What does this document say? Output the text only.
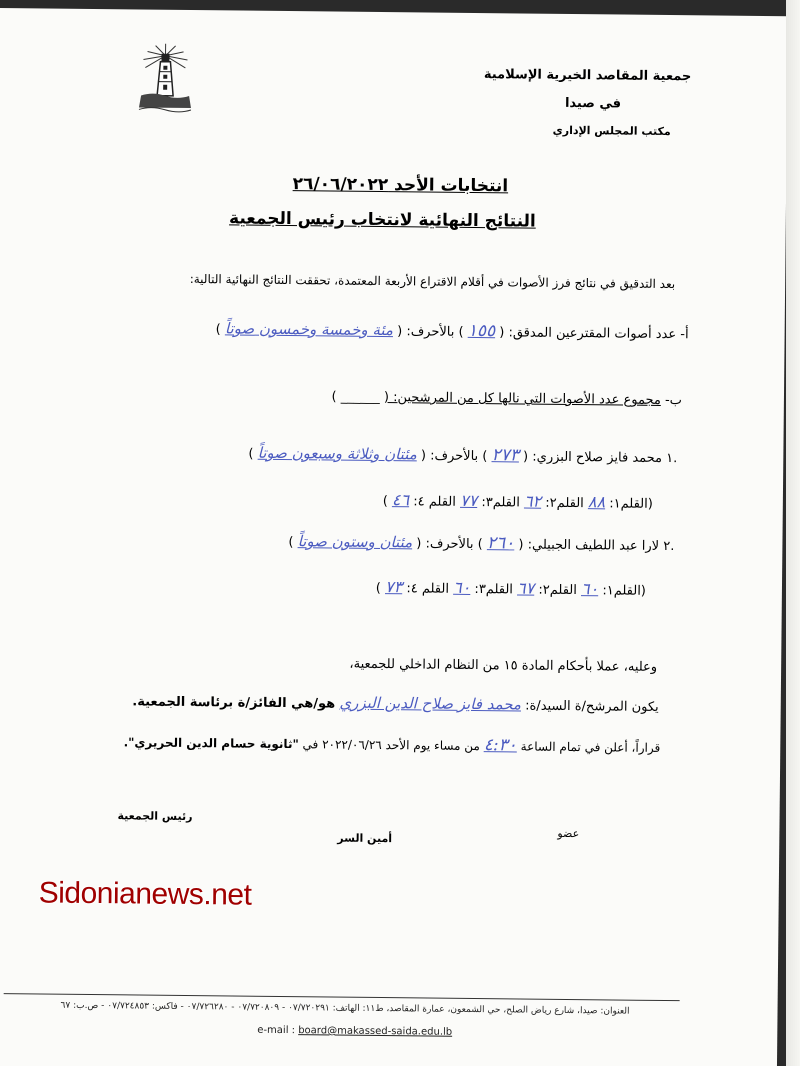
جمعية المقاصد الخيرية الإسلامية
في صيدا
مكتب المجلس الإداري
انتخابات الأحد ٢٦/٠٦/٢٠٢٢
النتائج النهائية لانتخاب رئيس الجمعية
بعد التدقيق في نتائج فرز الأصوات في أقلام الاقتراع الأربعة المعتمدة، تحققت النتائج النهائية التالية:
أ- عدد أصوات المقترعين المدقق: ( ١٥٥ ) بالأحرف: ( مئة وخمسة وخمسون صوتاً )
ب- مجموع عدد الأصوات التي نالها كل من المرشحين: ( ______ )
.١ محمد فايز صلاح البزري: ( ٢٧٣ ) بالأحرف: ( مئتان وثلاثة وسبعون صوتاً )
(القلم١: ٨٨ القلم٢: ٦٢ القلم٣: ٧٧ القلم ٤: ٤٦ )
.٢ لارا عبد اللطيف الجبيلي: ( ٢٦٠ ) بالأحرف: ( مئتان وستون صوتاً )
(القلم١: ٦٠ القلم٢: ٦٧ القلم٣: ٦٠ القلم ٤: ٧٣ )
وعليه، عملا بأحكام المادة ١٥ من النظام الداخلي للجمعية،
يكون المرشح/ة السيد/ة: محمد فايز صلاح الدين البزري هو/هي الفائز/ة برئاسة الجمعية.
قراراً، أعلن في تمام الساعة ٤:٣٠ من مساء يوم الأحد ٢٠٢٢/٠٦/٢٦ في "ثانوية حسام الدين الحريري".
رئيس الجمعية
أمين السر	عضو
Sidonianews.net
العنوان: صيدا، شارع رياض الصلح، حي الشمعون، عمارة المقاصد، ط١١: الهاتف: ٠٧/٧٢٠٢٩١ - ٠٧/٧٢٠٨٠٩ - ٠٧/٧٢٦٢٨٠ - فاكس: ٠٧/٧٢٤٨٥٣ - ص.ب: ٦٧
e-mail : board@makassed-saida.edu.lb
